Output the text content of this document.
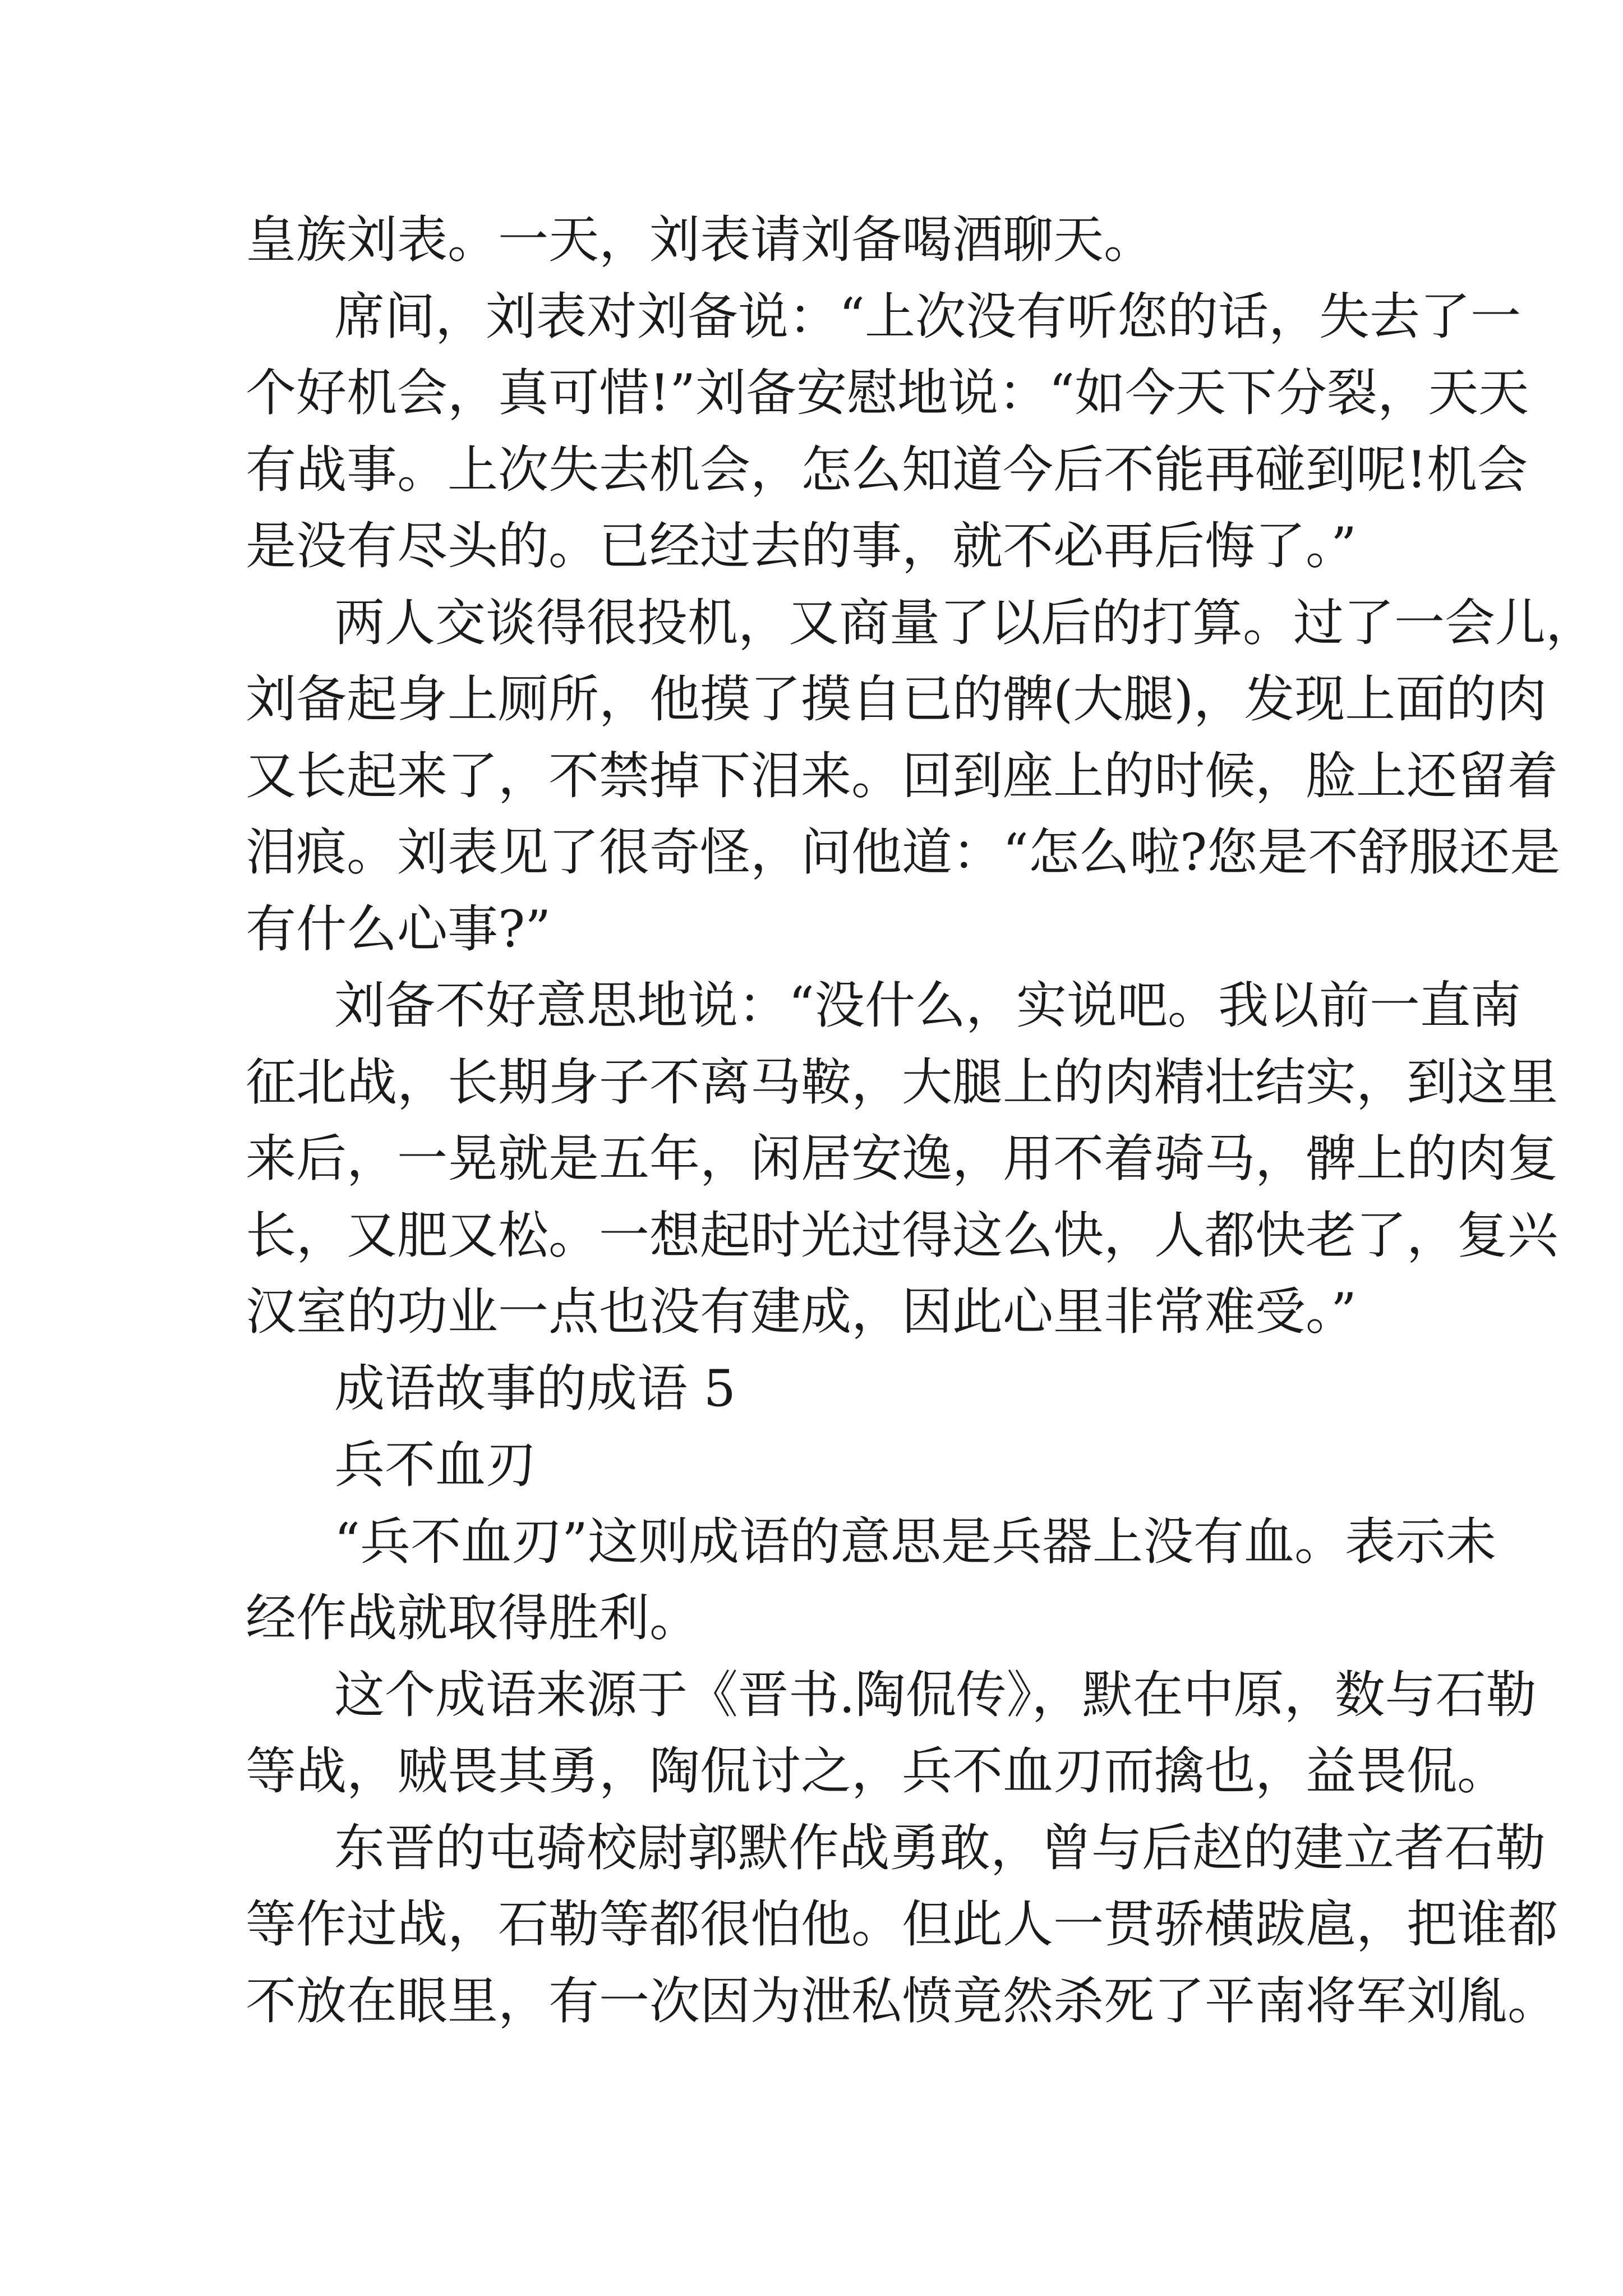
皇族刘表。一天，刘表请刘备喝酒聊天。
席间，刘表对刘备说：“上次没有听您的话，失去了一
个好机会，真可惜!”刘备安慰地说：“如今天下分裂，天天
有战事。上次失去机会，怎么知道今后不能再碰到呢!机会
是没有尽头的。已经过去的事，就不必再后悔了。”
两人交谈得很投机，又商量了以后的打算。过了一会儿，
刘备起身上厕所，他摸了摸自已的髀(大腿)，发现上面的肉
又长起来了，不禁掉下泪来。回到座上的时候，脸上还留着
泪痕。刘表见了很奇怪，问他道：“怎么啦?您是不舒服还是
有什么心事?”
刘备不好意思地说：“没什么，实说吧。我以前一直南
征北战，长期身子不离马鞍，大腿上的肉精壮结实，到这里
来后，一晃就是五年，闲居安逸，用不着骑马，髀上的肉复
长，又肥又松。一想起时光过得这么快，人都快老了，复兴
汉室的功业一点也没有建成，因此心里非常难受。”
成语故事的成语 5
兵不血刃
“兵不血刃”这则成语的意思是兵器上没有血。表示未
经作战就取得胜利。
这个成语来源于《晋书.陶侃传》，默在中原，数与石勒
等战，贼畏其勇，陶侃讨之，兵不血刃而擒也，益畏侃。
东晋的屯骑校尉郭默作战勇敢，曾与后赵的建立者石勒
等作过战，石勒等都很怕他。但此人一贯骄横跋扈，把谁都
不放在眼里，有一次因为泄私愤竟然杀死了平南将军刘胤。
